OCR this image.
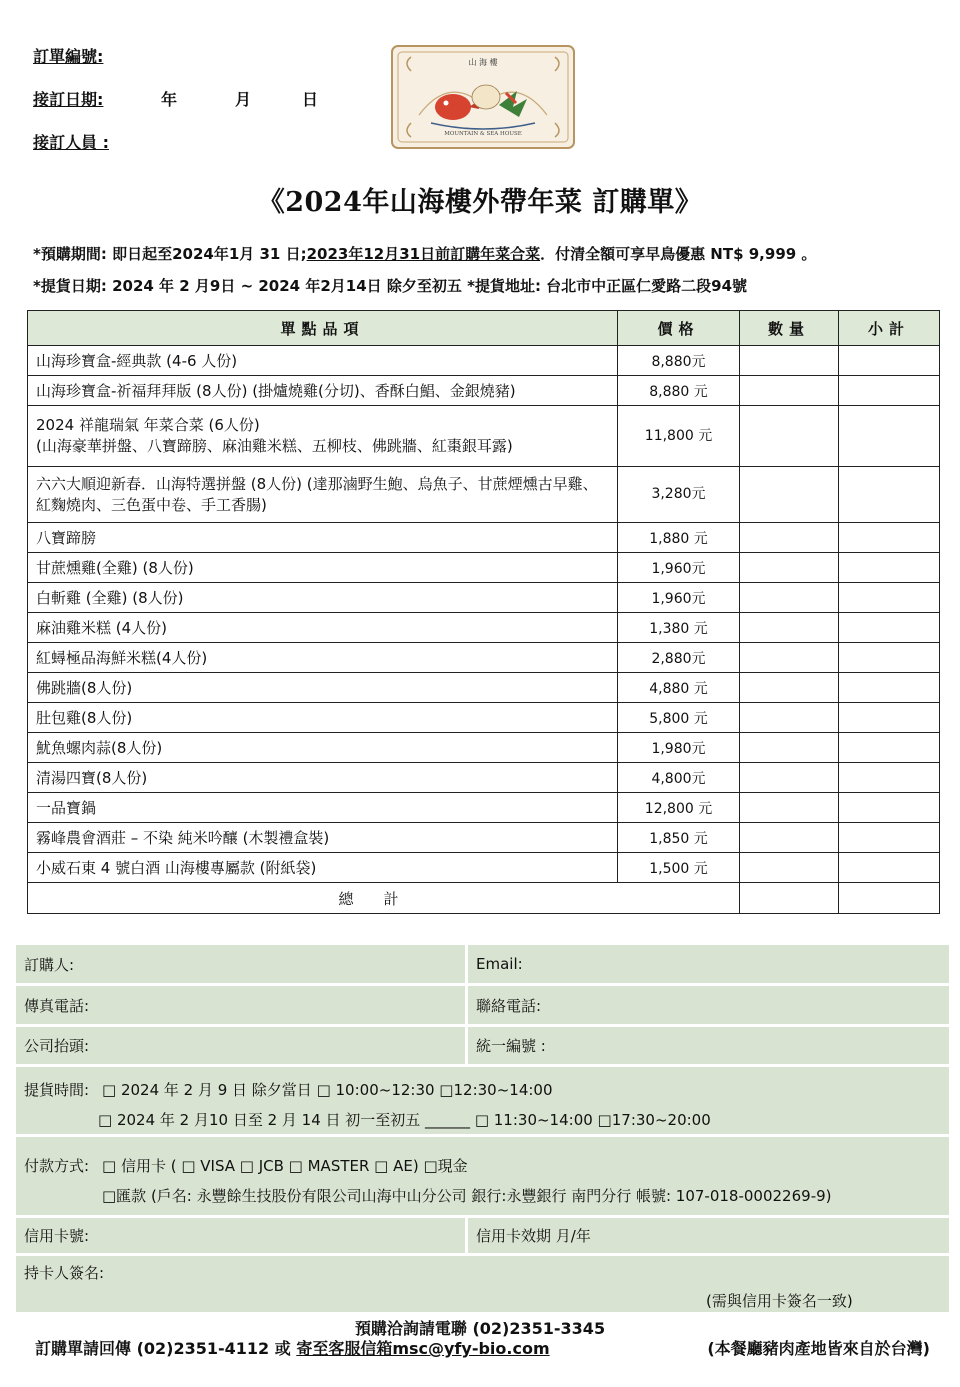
訂單編號:
接訂日期:	年	月	日
接訂人員 :
山 海 樓
MOUNTAIN & SEA HOUSE
《2024年山海樓外帶年菜 訂購單》
*預購期間: 即日起至2024年1月 31 日;2023年12月31日前訂購年菜合菜．付清全額可享早鳥優惠 NT$ 9,999 。
*提貨日期: 2024 年 2 月9日 ~ 2024 年2月14日 除夕至初五 *提貨地址: 台北市中正區仁愛路二段94號
單點品項	價格	數量	小計
山海珍寶盒-經典款 (4-6 人份)	8,880元		
山海珍寶盒-祈福拜拜版 (8人份) (掛爐燒雞(分切)、香酥白鯧、金銀燒豬)	8,880 元		
2024 祥龍瑞氣 年菜合菜 (6人份)
(山海豪華拼盤、八寶蹄膀、麻油雞米糕、五柳枝、佛跳牆、紅棗銀耳露)	11,800 元		
六六大順迎新春．山海特選拼盤 (8人份) (達那滷野生鮑、烏魚子、甘蔗煙燻古早雞、紅麴燒肉、三色蛋中卷、手工香腸)	3,280元		
八寶蹄膀	1,880 元		
甘蔗燻雞(全雞) (8人份)	1,960元		
白斬雞 (全雞) (8人份)	1,960元		
麻油雞米糕 (4人份)	1,380 元		
紅蟳極品海鮮米糕(4人份)	2,880元		
佛跳牆(8人份)	4,880 元		
肚包雞(8人份)	5,800 元		
魷魚螺肉蒜(8人份)	1,980元		
清湯四寶(8人份)	4,800元		
一品寶鍋	12,800 元		
霧峰農會酒莊 – 不染 純米吟釀 (木製禮盒裝)	1,850 元		
小威石東 4 號白酒 山海樓專屬款 (附紙袋)	1,500 元		
總計			
訂購人:	Email:
傳真電話:	聯絡電話:
公司抬頭:	統一編號 :
提貨時間: □ 2024 年 2 月 9 日 除夕當日 □ 10:00~12:30 □12:30~14:00
□ 2024 年 2 月10 日至 2 月 14 日 初一至初五 ______ □ 11:30~14:00 □17:30~20:00
付款方式: □ 信用卡 ( □ VISA □ JCB □ MASTER □ AE) □現金
□匯款 (戶名: 永豐餘生技股份有限公司山海中山分公司 銀行:永豐銀行 南門分行 帳號: 107-018-0002269-9)
信用卡號:	信用卡效期 月/年
持卡人簽名:
(需與信用卡簽名一致)
預購洽詢請電聯 (02)2351-3345
訂購單請回傳 (02)2351-4112 或 寄至客服信箱msc@yfy-bio.com	(本餐廳豬肉產地皆來自於台灣)
